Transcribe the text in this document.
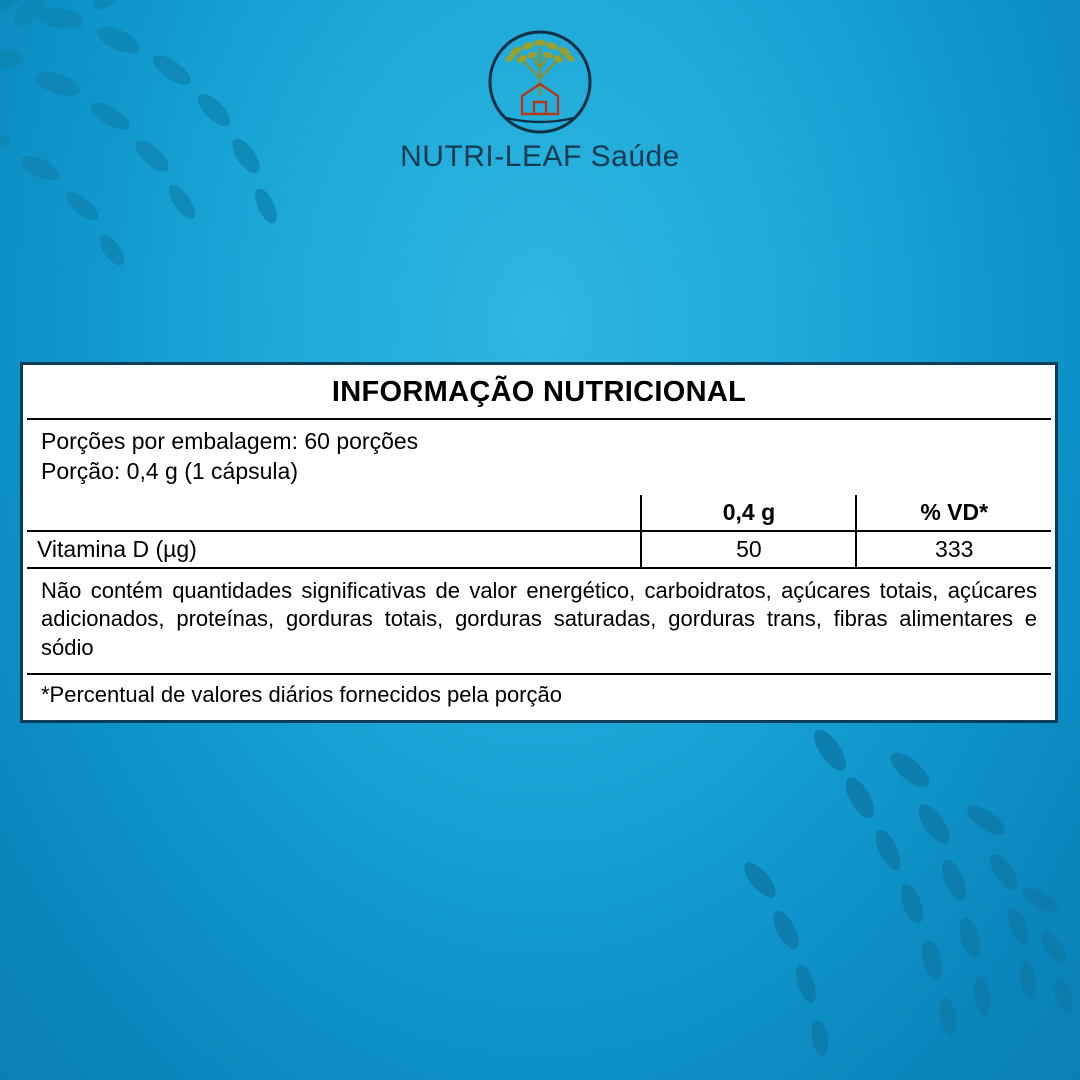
NUTRI-LEAF Saúde
INFORMAÇÃO NUTRICIONAL
Porções por embalagem: 60 porções
Porção: 0,4 g (1 cápsula)
	0,4 g	% VD*
Vitamina D (µg)	50	333
Não contém quantidades significativas de valor energético, carboidratos, açúcares totais, açúcares adicionados, proteínas, gorduras totais, gorduras saturadas, gorduras trans, fibras alimentares e sódio
*Percentual de valores diários fornecidos pela porção
